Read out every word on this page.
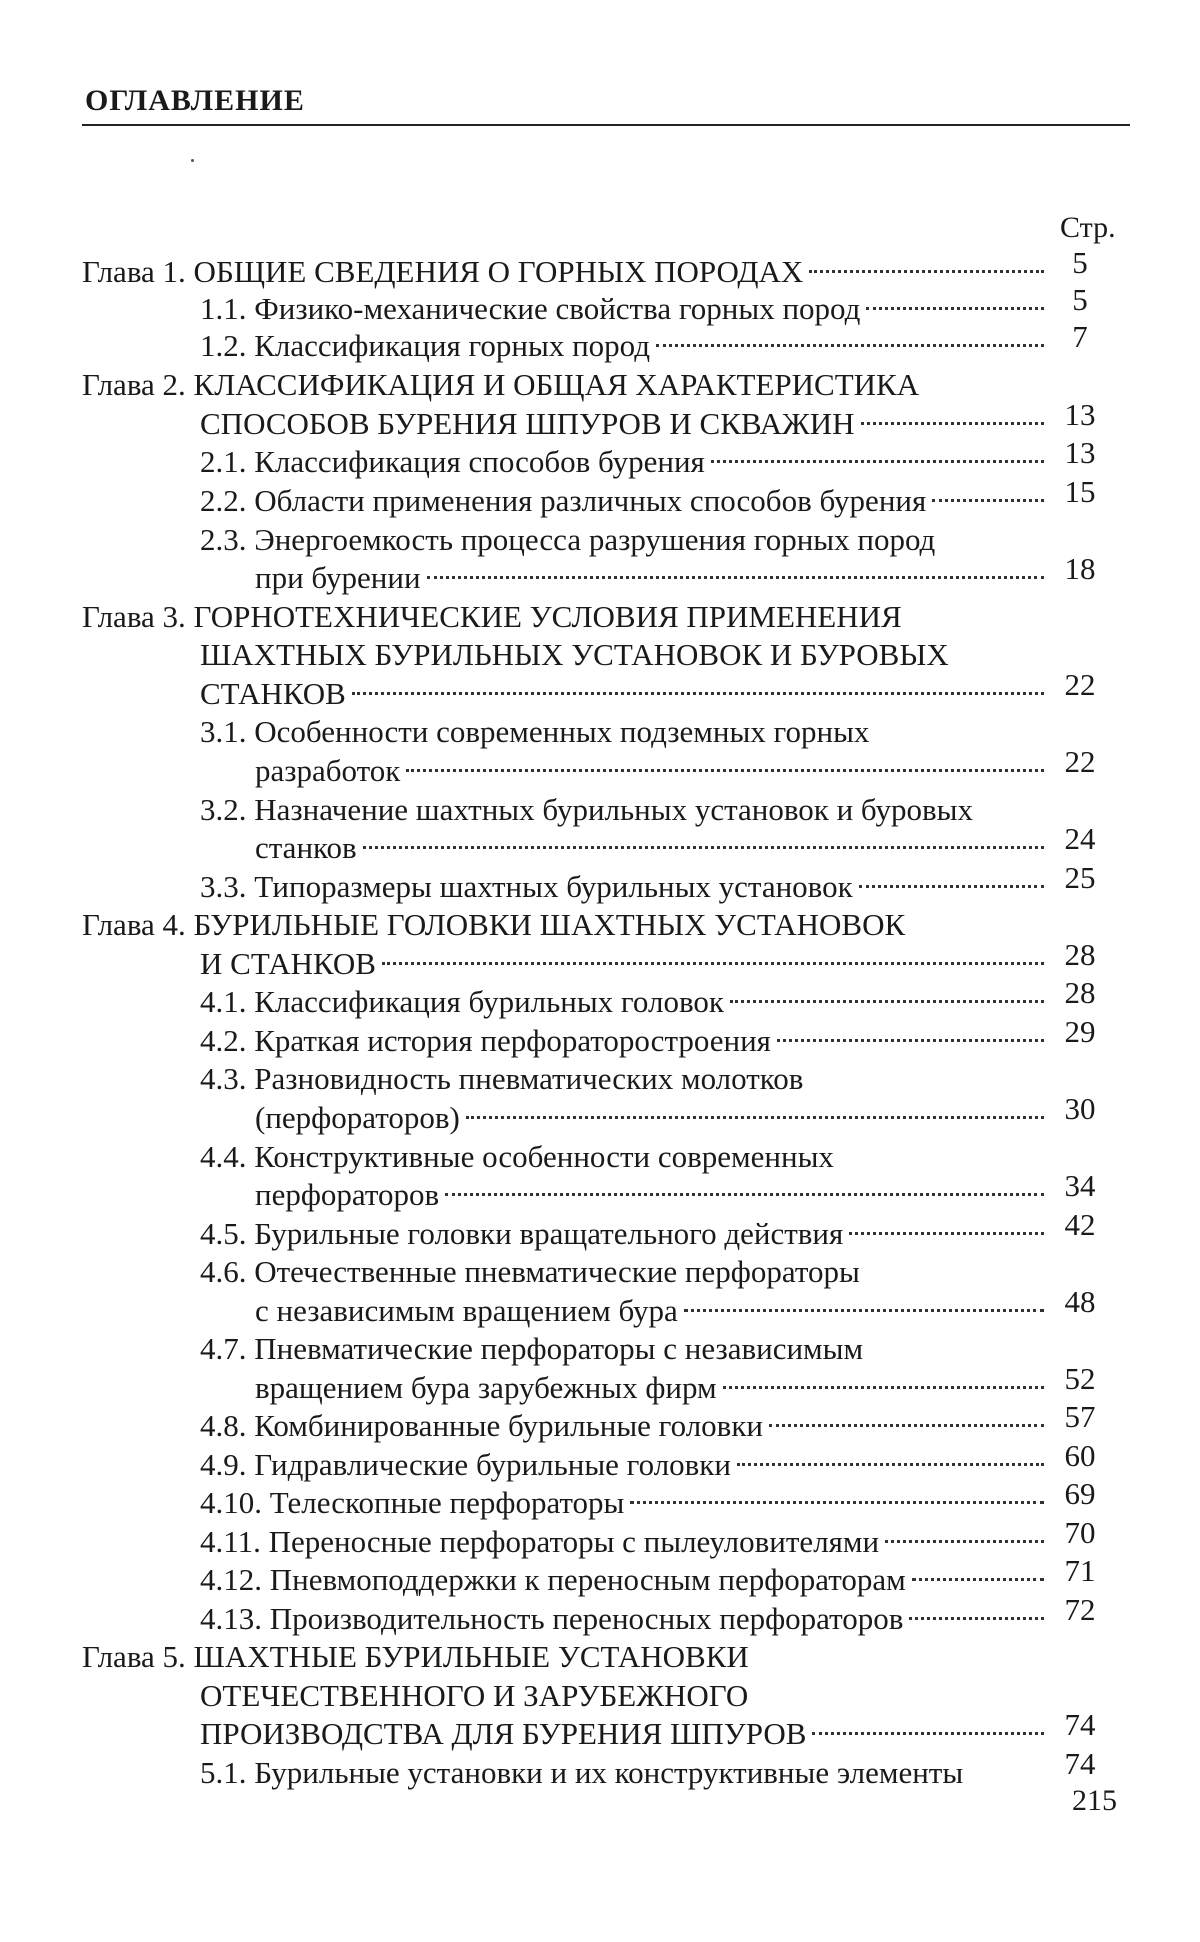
ОГЛАВЛЕНИЕ
Стр.
Глава 1. ОБЩИЕ СВЕДЕНИЯ О ГОРНЫХ ПОРОДАХ	5
1.1. Физико-механические свойства горных пород	5
1.2. Классификация горных пород	7
Глава 2. КЛАССИФИКАЦИЯ И ОБЩАЯ ХАРАКТЕРИСТИКА
СПОСОБОВ БУРЕНИЯ ШПУРОВ И СКВАЖИН	13
2.1. Классификация способов бурения	13
2.2. Области применения различных способов бурения	15
2.3. Энергоемкость процесса разрушения горных пород
при бурении	18
Глава 3. ГОРНОТЕХНИЧЕСКИЕ УСЛОВИЯ ПРИМЕНЕНИЯ
ШАХТНЫХ БУРИЛЬНЫХ УСТАНОВОК И БУРОВЫХ
СТАНКОВ	22
3.1. Особенности современных подземных горных
разработок	22
3.2. Назначение шахтных бурильных установок и буровых
станков	24
3.3. Типоразмеры шахтных бурильных установок	25
Глава 4. БУРИЛЬНЫЕ ГОЛОВКИ ШАХТНЫХ УСТАНОВОК
И СТАНКОВ	28
4.1. Классификация бурильных головок	28
4.2. Краткая история перфораторостроения	29
4.3. Разновидность пневматических молотков
(перфораторов)	30
4.4. Конструктивные особенности современных
перфораторов	34
4.5. Бурильные головки вращательного действия	42
4.6. Отечественные пневматические перфораторы
с независимым вращением бура	48
4.7. Пневматические перфораторы с независимым
вращением бура зарубежных фирм	52
4.8. Комбинированные бурильные головки	57
4.9. Гидравлические бурильные головки	60
4.10. Телескопные перфораторы	69
4.11. Переносные перфораторы с пылеуловителями	70
4.12. Пневмоподдержки к переносным перфораторам	71
4.13. Производительность переносных перфораторов	72
Глава 5. ШАХТНЫЕ БУРИЛЬНЫЕ УСТАНОВКИ
ОТЕЧЕСТВЕННОГО И ЗАРУБЕЖНОГО
ПРОИЗВОДСТВА ДЛЯ БУРЕНИЯ ШПУРОВ	74
5.1. Бурильные установки и их конструктивные элементы	74
215
